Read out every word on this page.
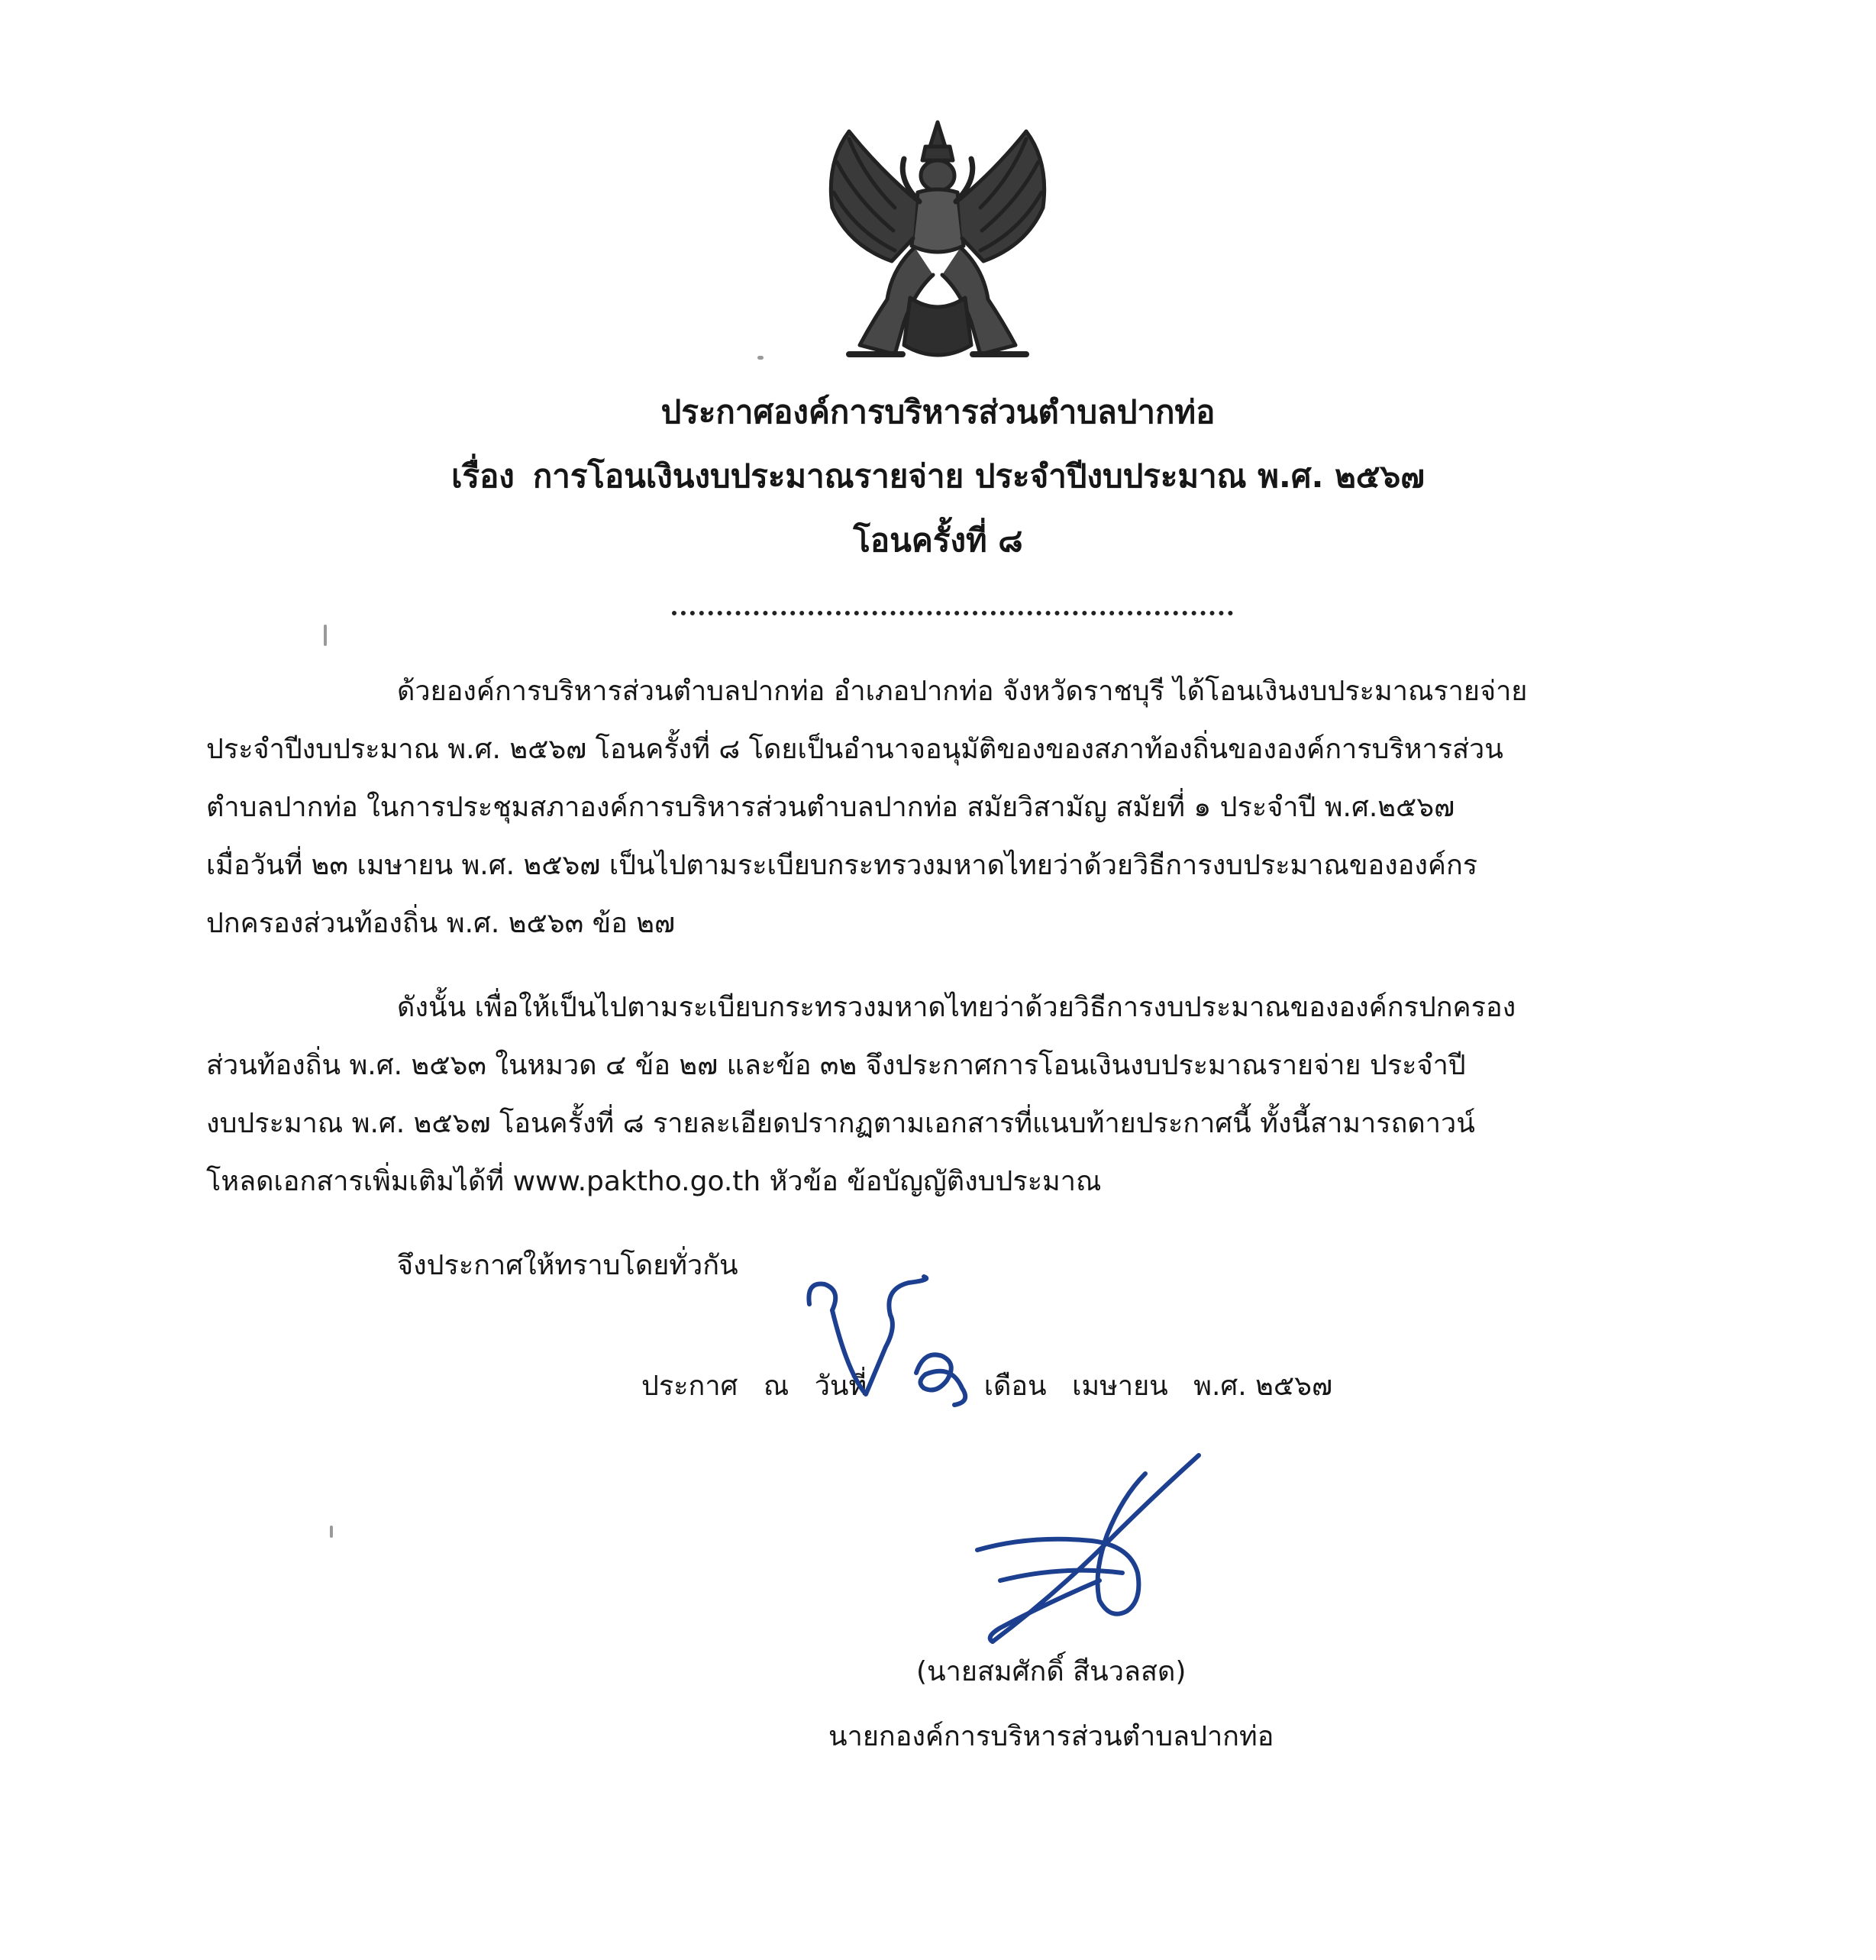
ประกาศองค์การบริหารส่วนตำบลปากท่อ
เรื่อง การโอนเงินงบประมาณรายจ่าย ประจำปีงบประมาณ พ.ศ. ๒๕๖๗
โอนครั้งที่ ๘
ด้วยองค์การบริหารส่วนตำบลปากท่อ อำเภอปากท่อ จังหวัดราชบุรี ได้โอนเงินงบประมาณรายจ่าย
ประจำปีงบประมาณ พ.ศ. ๒๕๖๗ โอนครั้งที่ ๘ โดยเป็นอำนาจอนุมัติของของสภาท้องถิ่นขององค์การบริหารส่วน
ตำบลปากท่อ ในการประชุมสภาองค์การบริหารส่วนตำบลปากท่อ สมัยวิสามัญ สมัยที่ ๑ ประจำปี พ.ศ.๒๕๖๗
เมื่อวันที่ ๒๓ เมษายน พ.ศ. ๒๕๖๗ เป็นไปตามระเบียบกระทรวงมหาดไทยว่าด้วยวิธีการงบประมาณขององค์กร
ปกครองส่วนท้องถิ่น พ.ศ. ๒๕๖๓ ข้อ ๒๗
ดังนั้น เพื่อให้เป็นไปตามระเบียบกระทรวงมหาดไทยว่าด้วยวิธีการงบประมาณขององค์กรปกครอง
ส่วนท้องถิ่น พ.ศ. ๒๕๖๓ ในหมวด ๔ ข้อ ๒๗ และข้อ ๓๒ จึงประกาศการโอนเงินงบประมาณรายจ่าย ประจำปี
งบประมาณ พ.ศ. ๒๕๖๗ โอนครั้งที่ ๘ รายละเอียดปรากฏตามเอกสารที่แนบท้ายประกาศนี้ ทั้งนี้สามารถดาวน์
โหลดเอกสารเพิ่มเติมได้ที่ www.paktho.go.th หัวข้อ ข้อบัญญัติงบประมาณ
จึงประกาศให้ทราบโดยทั่วกัน
ประกาศ ณ วันที่	เดือน เมษายน พ.ศ. ๒๕๖๗
(นายสมศักดิ์ สีนวลสด)
นายกองค์การบริหารส่วนตำบลปากท่อ
